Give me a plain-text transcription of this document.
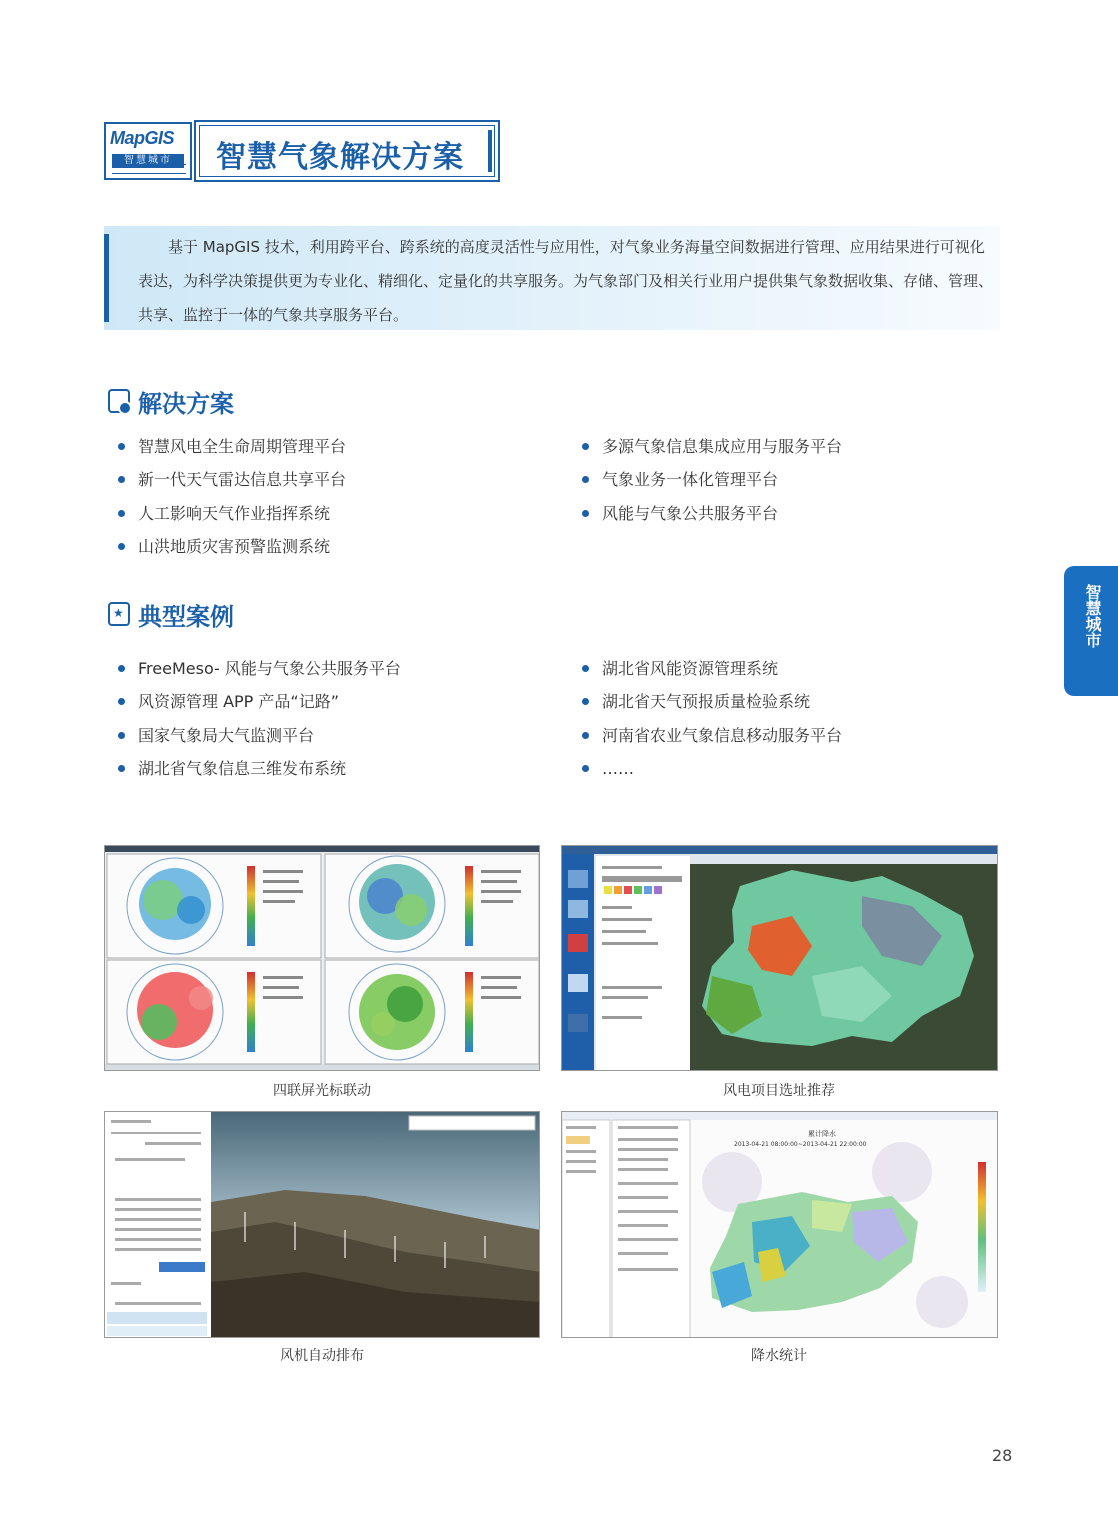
MapGIS
智慧城市	智慧气象解决方案

基于 MapGIS 技术，利用跨平台、跨系统的高度灵活性与应用性，对气象业务海量空间数据进行管理、应用结果进行可视化表达，为科学决策提供更为专业化、精细化、定量化的共享服务。为气象部门及相关行业用户提供集气象数据收集、存储、管理、共享、监控于一体的气象共享服务平台。

解决方案
智慧风电全生命周期管理平台
新一代天气雷达信息共享平台
人工影响天气作业指挥系统
山洪地质灾害预警监测系统
多源气象信息集成应用与服务平台
气象业务一体化管理平台
风能与气象公共服务平台
★ 典型案例
FreeMeso- 风能与气象公共服务平台
风资源管理 APP 产品“记路”
国家气象局大气监测平台
湖北省气象信息三维发布系统
湖北省风能资源管理系统
湖北省天气预报质量检验系统
河南省农业气象信息移动服务平台
……
智慧城市
四联屏光标联动	风电项目选址推荐
风机自动排布
累计降水
2013-04-21 08:00:00~2013-04-21 22:00:00
降水统计
28
